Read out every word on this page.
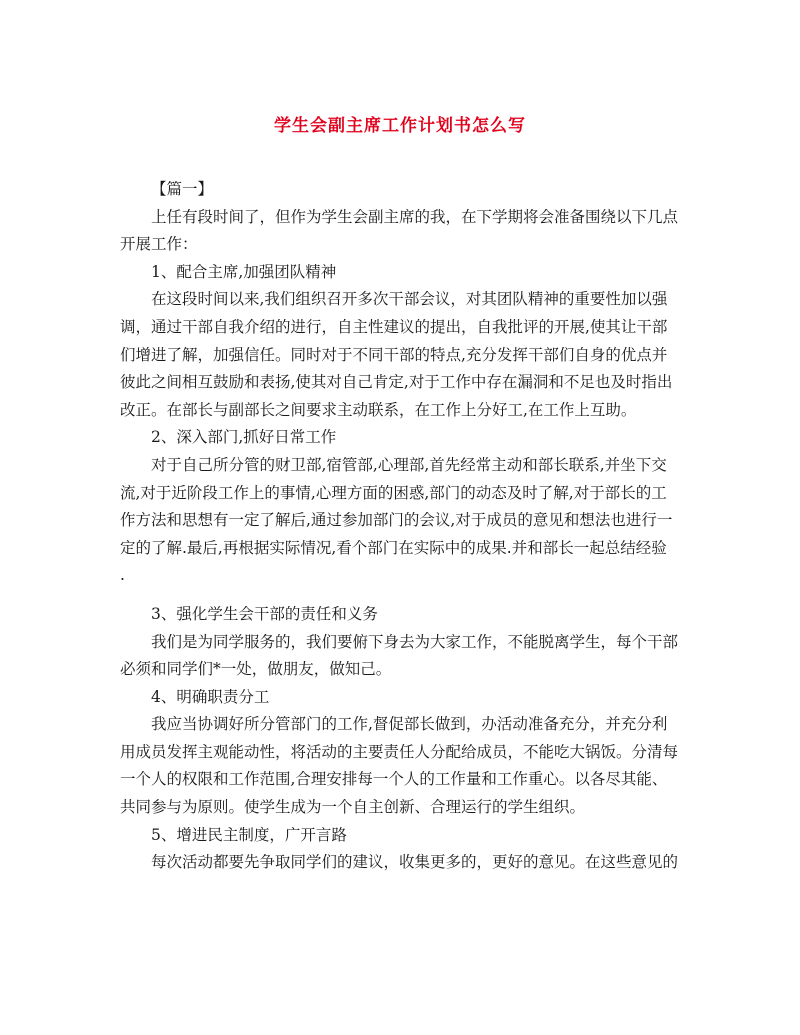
学生会副主席工作计划书怎么写
【篇一】
上任有段时间了，但作为学生会副主席的我，在下学期将会准备围绕以下几点
开展工作：
1、配合主席,加强团队精神
在这段时间以来,我们组织召开多次干部会议，对其团队精神的重要性加以强
调，通过干部自我介绍的进行，自主性建议的提出，自我批评的开展,使其让干部
们增进了解，加强信任。同时对于不同干部的特点,充分发挥干部们自身的优点并
彼此之间相互鼓励和表扬,使其对自己肯定,对于工作中存在漏洞和不足也及时指出
改正。在部长与副部长之间要求主动联系，在工作上分好工,在工作上互助。
2、深入部门,抓好日常工作
对于自己所分管的财卫部,宿管部,心理部,首先经常主动和部长联系,并坐下交
流,对于近阶段工作上的事情,心理方面的困惑,部门的动态及时了解,对于部长的工
作方法和思想有一定了解后,通过参加部门的会议,对于成员的意见和想法也进行一
定的了解.最后,再根据实际情况,看个部门在实际中的成果.并和部长一起总结经验
.
3、强化学生会干部的责任和义务
我们是为同学服务的，我们要俯下身去为大家工作，不能脱离学生，每个干部
必须和同学们*一处，做朋友，做知己。
4、明确职责分工
我应当协调好所分管部门的工作,督促部长做到，办活动准备充分，并充分利
用成员发挥主观能动性，将活动的主要责任人分配给成员，不能吃大锅饭。分清每
一个人的权限和工作范围,合理安排每一个人的工作量和工作重心。以各尽其能、
共同参与为原则。使学生成为一个自主创新、合理运行的学生组织。
5、增进民主制度，广开言路
每次活动都要先争取同学们的建议，收集更多的，更好的意见。在这些意见的
